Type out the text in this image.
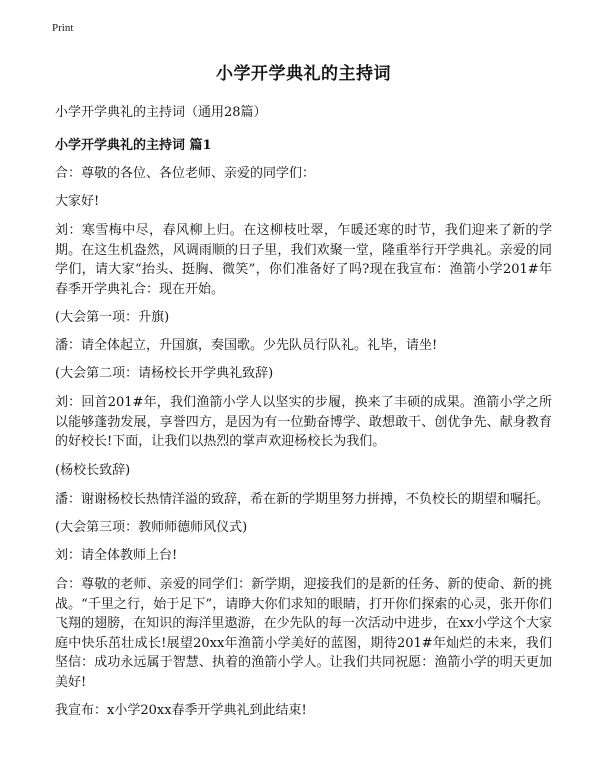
Print
小学开学典礼的主持词
小学开学典礼的主持词（通用28篇）
小学开学典礼的主持词 篇1

合：尊敬的各位、各位老师、亲爱的同学们：

大家好!

刘：寒雪梅中尽，春风柳上归。在这柳枝吐翠，乍暖还寒的时节，我们迎来了新的学期。在这生机盎然，风调雨顺的日子里，我们欢聚一堂，隆重举行开学典礼。亲爱的同学们，请大家“抬头、挺胸、微笑”，你们准备好了吗?现在我宣布：渔箭小学201#年春季开学典礼合：现在开始。

(大会第一项：升旗)

潘：请全体起立，升国旗，奏国歌。少先队员行队礼。礼毕，请坐!

(大会第二项：请杨校长开学典礼致辞)

刘：回首201#年，我们渔箭小学人以坚实的步履，换来了丰硕的成果。渔箭小学之所以能够蓬勃发展，享誉四方，是因为有一位勤奋博学、敢想敢干、创优争先、献身教育的好校长!下面，让我们以热烈的掌声欢迎杨校长为我们。

(杨校长致辞)

潘：谢谢杨校长热情洋溢的致辞，希在新的学期里努力拼搏，不负校长的期望和嘱托。

(大会第三项：教师师德师风仪式)

刘：请全体教师上台!

合：尊敬的老师、亲爱的同学们：新学期，迎接我们的是新的任务、新的使命、新的挑战。“千里之行，始于足下”，请睁大你们求知的眼睛，打开你们探索的心灵，张开你们飞翔的翅膀，在知识的海洋里遨游，在少先队的每一次活动中进步，在xx小学这个大家庭中快乐茁壮成长!展望20xx年渔箭小学美好的蓝图，期待201#年灿烂的未来，我们坚信：成功永远属于智慧、执着的渔箭小学人。让我们共同祝愿：渔箭小学的明天更加美好!

我宣布：x小学20xx春季开学典礼到此结束!
